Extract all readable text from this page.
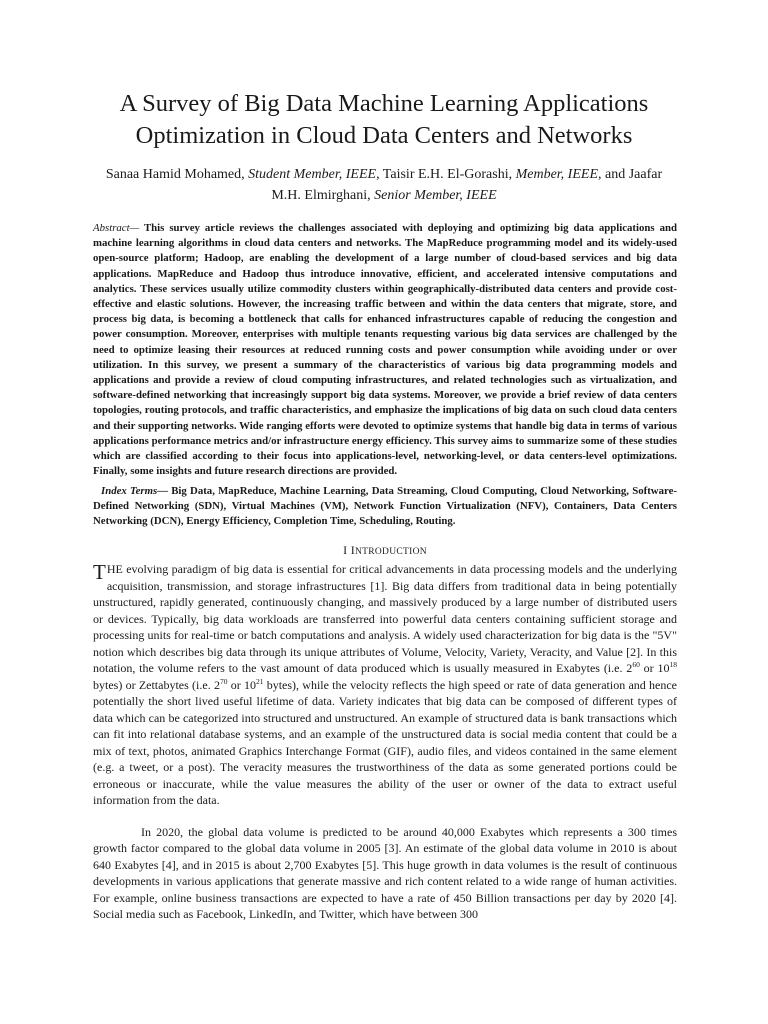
A Survey of Big Data Machine Learning Applications
Optimization in Cloud Data Centers and Networks
Sanaa Hamid Mohamed, Student Member, IEEE, Taisir E.H. El-Gorashi, Member, IEEE, and Jaafar
M.H. Elmirghani, Senior Member, IEEE
Abstract— This survey article reviews the challenges associated with deploying and optimizing big data applications and machine learning algorithms in cloud data centers and networks. The MapReduce programming model and its widely-used open-source platform; Hadoop, are enabling the development of a large number of cloud-based services and big data applications. MapReduce and Hadoop thus introduce innovative, efficient, and accelerated intensive computations and analytics. These services usually utilize commodity clusters within geographically-distributed data centers and provide cost-effective and elastic solutions. However, the increasing traffic between and within the data centers that migrate, store, and process big data, is becoming a bottleneck that calls for enhanced infrastructures capable of reducing the congestion and power consumption. Moreover, enterprises with multiple tenants requesting various big data services are challenged by the need to optimize leasing their resources at reduced running costs and power consumption while avoiding under or over utilization. In this survey, we present a summary of the characteristics of various big data programming models and applications and provide a review of cloud computing infrastructures, and related technologies such as virtualization, and software-defined networking that increasingly support big data systems. Moreover, we provide a brief review of data centers topologies, routing protocols, and traffic characteristics, and emphasize the implications of big data on such cloud data centers and their supporting networks. Wide ranging efforts were devoted to optimize systems that handle big data in terms of various applications performance metrics and/or infrastructure energy efficiency. This survey aims to summarize some of these studies which are classified according to their focus into applications-level, networking-level, or data centers-level optimizations. Finally, some insights and future research directions are provided.
Index Terms— Big Data, MapReduce, Machine Learning, Data Streaming, Cloud Computing, Cloud Networking, Software-Defined Networking (SDN), Virtual Machines (VM), Network Function Virtualization (NFV), Containers, Data Centers Networking (DCN), Energy Efficiency, Completion Time, Scheduling, Routing.
I INTRODUCTION

THE evolving paradigm of big data is essential for critical advancements in data processing models and the underlying acquisition, transmission, and storage infrastructures [1]. Big data differs from traditional data in being potentially unstructured, rapidly generated, continuously changing, and massively produced by a large number of distributed users or devices. Typically, big data workloads are transferred into powerful data centers containing sufficient storage and processing units for real-time or batch computations and analysis. A widely used characterization for big data is the "5V" notion which describes big data through its unique attributes of Volume, Velocity, Variety, Veracity, and Value [2]. In this notation, the volume refers to the vast amount of data produced which is usually measured in Exabytes (i.e. $2^{60}$ or $10^{18}$ bytes) or Zettabytes (i.e. $2^{70}$ or $10^{21}$ bytes), while the velocity reflects the high speed or rate of data generation and hence potentially the short lived useful lifetime of data. Variety indicates that big data can be composed of different types of data which can be categorized into structured and unstructured. An example of structured data is bank transactions which can fit into relational database systems, and an example of the unstructured data is social media content that could be a mix of text, photos, animated Graphics Interchange Format (GIF), audio files, and videos contained in the same element (e.g. a tweet, or a post). The veracity measures the trustworthiness of the data as some generated portions could be erroneous or inaccurate, while the value measures the ability of the user or owner of the data to extract useful information from the data.

In 2020, the global data volume is predicted to be around 40,000 Exabytes which represents a 300 times growth factor compared to the global data volume in 2005 [3]. An estimate of the global data volume in 2010 is about 640 Exabytes [4], and in 2015 is about 2,700 Exabytes [5]. This huge growth in data volumes is the result of continuous developments in various applications that generate massive and rich content related to a wide range of human activities. For example, online business transactions are expected to have a rate of 450 Billion transactions per day by 2020 [4]. Social media such as Facebook, LinkedIn, and Twitter, which have between 300
